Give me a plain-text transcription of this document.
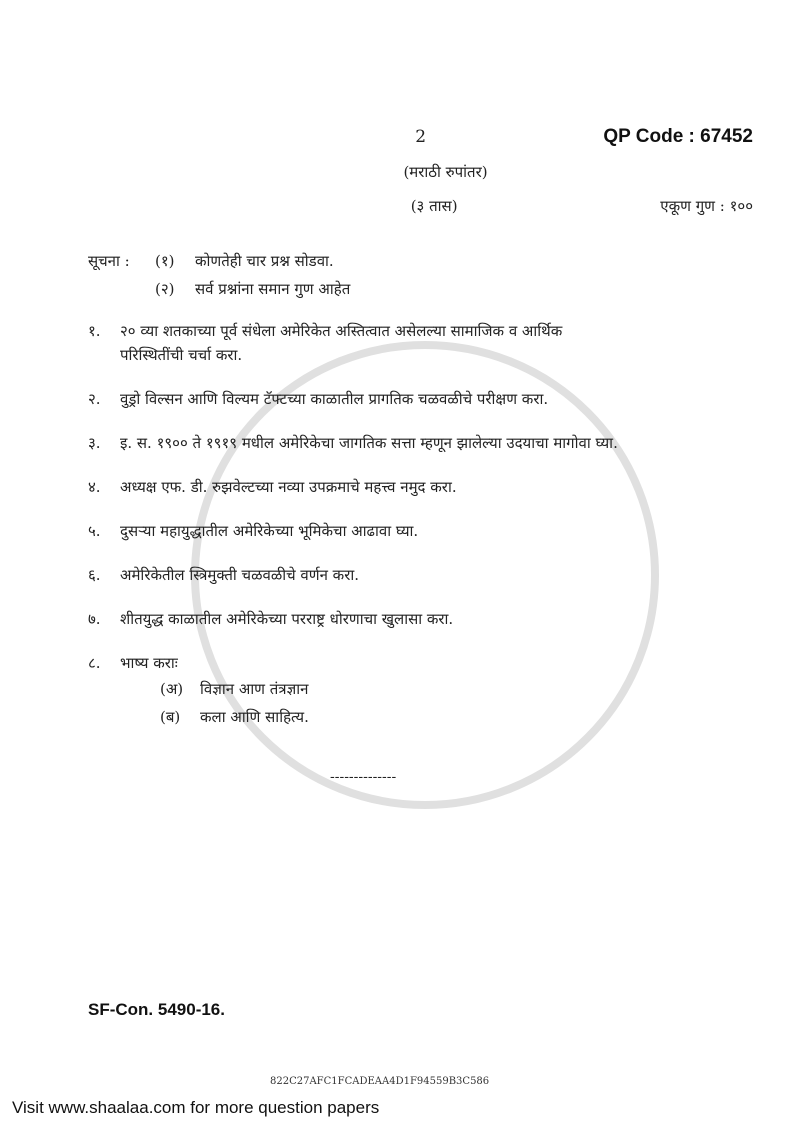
2	QP Code : 67452
(मराठी रुपांतर)
(३ तास)	एकूण गुण : १००
सूचना :	(१)	कोणतेही चार प्रश्न सोडवा.
(२)	सर्व प्रश्नांना समान गुण आहेत
१.	२० व्या शतकाच्या पूर्व संधेला अमेरिकेत अस्तित्वात असेलल्या सामाजिक व आर्थिक
परिस्थितींची चर्चा करा.
२.	वुड्रो विल्सन आणि विल्यम टॅफ्टच्या काळातील प्रागतिक चळवळीचे परीक्षण करा.
३.	इ. स. १९०० ते १९१९ मधील अमेरिकेचा जागतिक सत्ता म्हणून झालेल्या उदयाचा मागोवा घ्या.
४.	अध्यक्ष एफ. डी. रुझवेल्टच्या नव्या उपक्रमाचे महत्त्व नमुद करा.
५.	दुसऱ्या महायुद्धातील अमेरिकेच्या भूमिकेचा आढावा घ्या.
६.	अमेरिकेतील स्त्रिमुक्ती चळवळीचे वर्णन करा.
७.	शीतयुद्ध काळातील अमेरिकेच्या परराष्ट्र धोरणाचा खुलासा करा.
८.	भाष्य कराः
(अ)	विज्ञान आण तंत्रज्ञान
(ब)	कला आणि साहित्य.
--------------
SF-Con. 5490-16.
822C27AFC1FCADEAA4D1F94559B3C586
Visit www.shaalaa.com for more question papers
